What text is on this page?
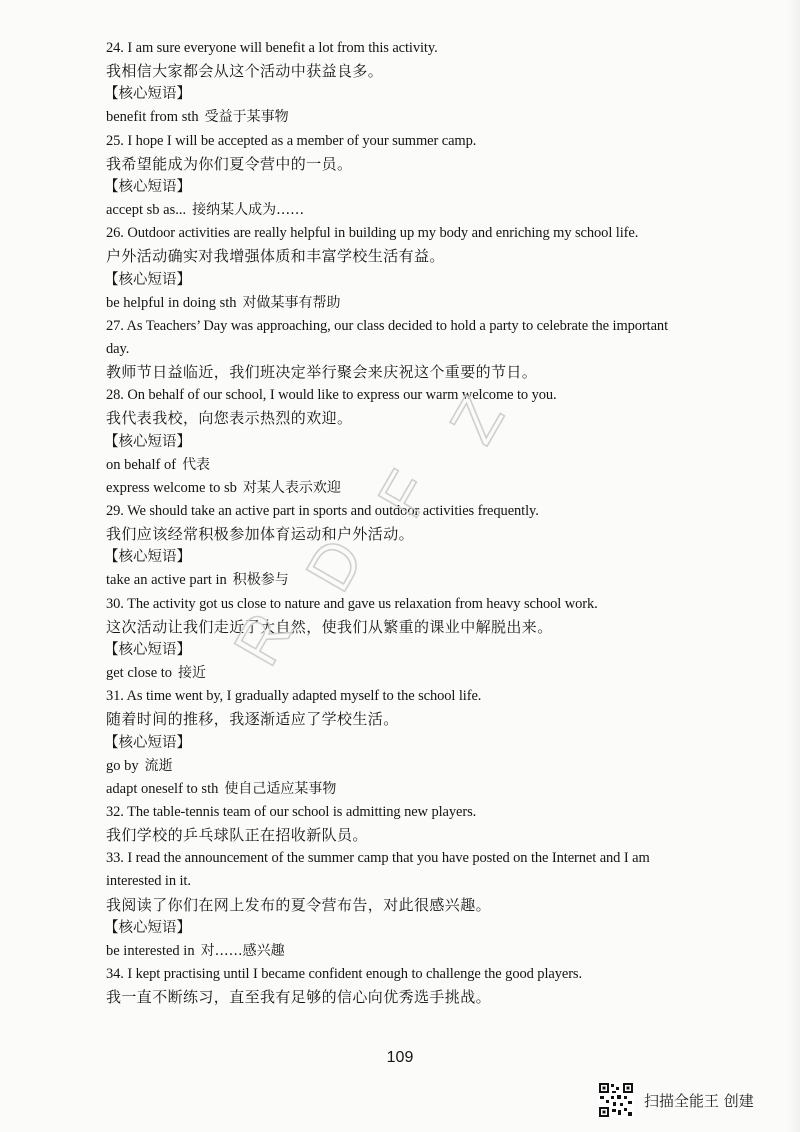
24. I am sure everyone will benefit a lot from this activity.
我相信大家都会从这个活动中获益良多。
【核心短语】
benefit from sth 受益于某事物
25. I hope I will be accepted as a member of your summer camp.
我希望能成为你们夏令营中的一员。
【核心短语】
accept sb as... 接纳某人成为……
26. Outdoor activities are really helpful in building up my body and enriching my school life.
户外活动确实对我增强体质和丰富学校生活有益。
【核心短语】
be helpful in doing sth 对做某事有帮助
27. As Teachers’ Day was approaching, our class decided to hold a party to celebrate the important
day.
教师节日益临近，我们班决定举行聚会来庆祝这个重要的节日。
28. On behalf of our school, I would like to express our warm welcome to you.
我代表我校，向您表示热烈的欢迎。
【核心短语】
on behalf of 代表
express welcome to sb 对某人表示欢迎
29. We should take an active part in sports and outdoor activities frequently.
我们应该经常积极参加体育运动和户外活动。
【核心短语】
take an active part in 积极参与
30. The activity got us close to nature and gave us relaxation from heavy school work.
这次活动让我们走近了大自然，使我们从繁重的课业中解脱出来。
【核心短语】
get close to 接近
31. As time went by, I gradually adapted myself to the school life.
随着时间的推移，我逐渐适应了学校生活。
【核心短语】
go by 流逝
adapt oneself to sth 使自己适应某事物
32. The table-tennis team of our school is admitting new players.
我们学校的乒乓球队正在招收新队员。
33. I read the announcement of the summer camp that you have posted on the Internet and I am
interested in it.
我阅读了你们在网上发布的夏令营布告，对此很感兴趣。
【核心短语】
be interested in 对……感兴趣
34. I kept practising until I became confident enough to challenge the good players.
我一直不断练习，直至我有足够的信心向优秀选手挑战。
R
D
F
Z
109
扫描全能王 创建
